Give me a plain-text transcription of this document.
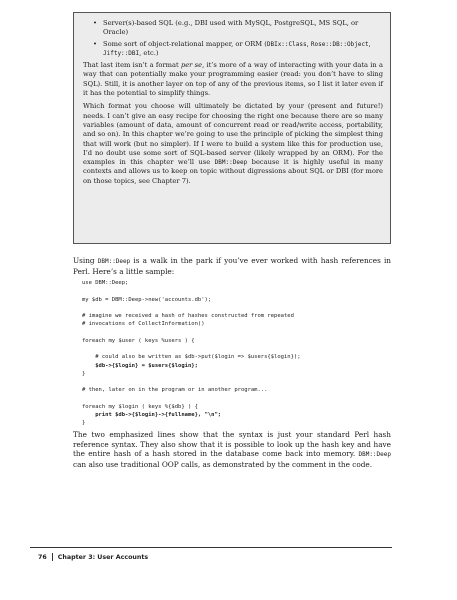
• Server(s)-based SQL (e.g., DBI used with MySQL, PostgreSQL, MS SQL, or Oracle)
• Some sort of object-relational mapper, or ORM (DBIx::Class, Rose::DB::Object, Jifty::DBI, etc.)

That last item isn’t a format per se, it’s more of a way of interacting with your data in a way that can potentially make your programming easier (read: you don’t have to sling SQL). Still, it is another layer on top of any of the previous items, so I list it later even if it has the potential to simplify things.

Which format you choose will ultimately be dictated by your (present and future!) needs. I can’t give an easy recipe for choosing the right one because there are so many variables (amount of data, amount of concurrent read or read/write access, portability, and so on). In this chapter we’re going to use the principle of picking the simplest thing that will work (but no simpler). If I were to build a system like this for production use, I’d no doubt use some sort of SQL-based server (likely wrapped by an ORM). For the examples in this chapter we’ll use DBM::Deep because it is highly useful in many contexts and allows us to keep on topic without digressions about SQL or DBI (for more on those topics, see Chapter 7).

Using DBM::Deep is a walk in the park if you’ve ever worked with hash references in Perl. Here’s a little sample:

use DBM::Deep;

my $db = DBM::Deep->new('accounts.db');

# imagine we received a hash of hashes constructed from repeated
# invocations of CollectInformation()

foreach my $user ( keys %users ) {

# could also be written as $db->put($login => $users{$login});
$db->{$login} = $users{$login};
}

# then, later on in the program or in another program...

foreach my $login ( keys %{$db} ) {
print $db->{$login}->{fullname}, "\n";
}

The two emphasized lines show that the syntax is just your standard Perl hash reference syntax. They also show that it is possible to look up the hash key and have the entire hash of a hash stored in the database come back into memory. DBM::Deep can also use traditional OOP calls, as demonstrated by the comment in the code.

76 Chapter 3: User Accounts
